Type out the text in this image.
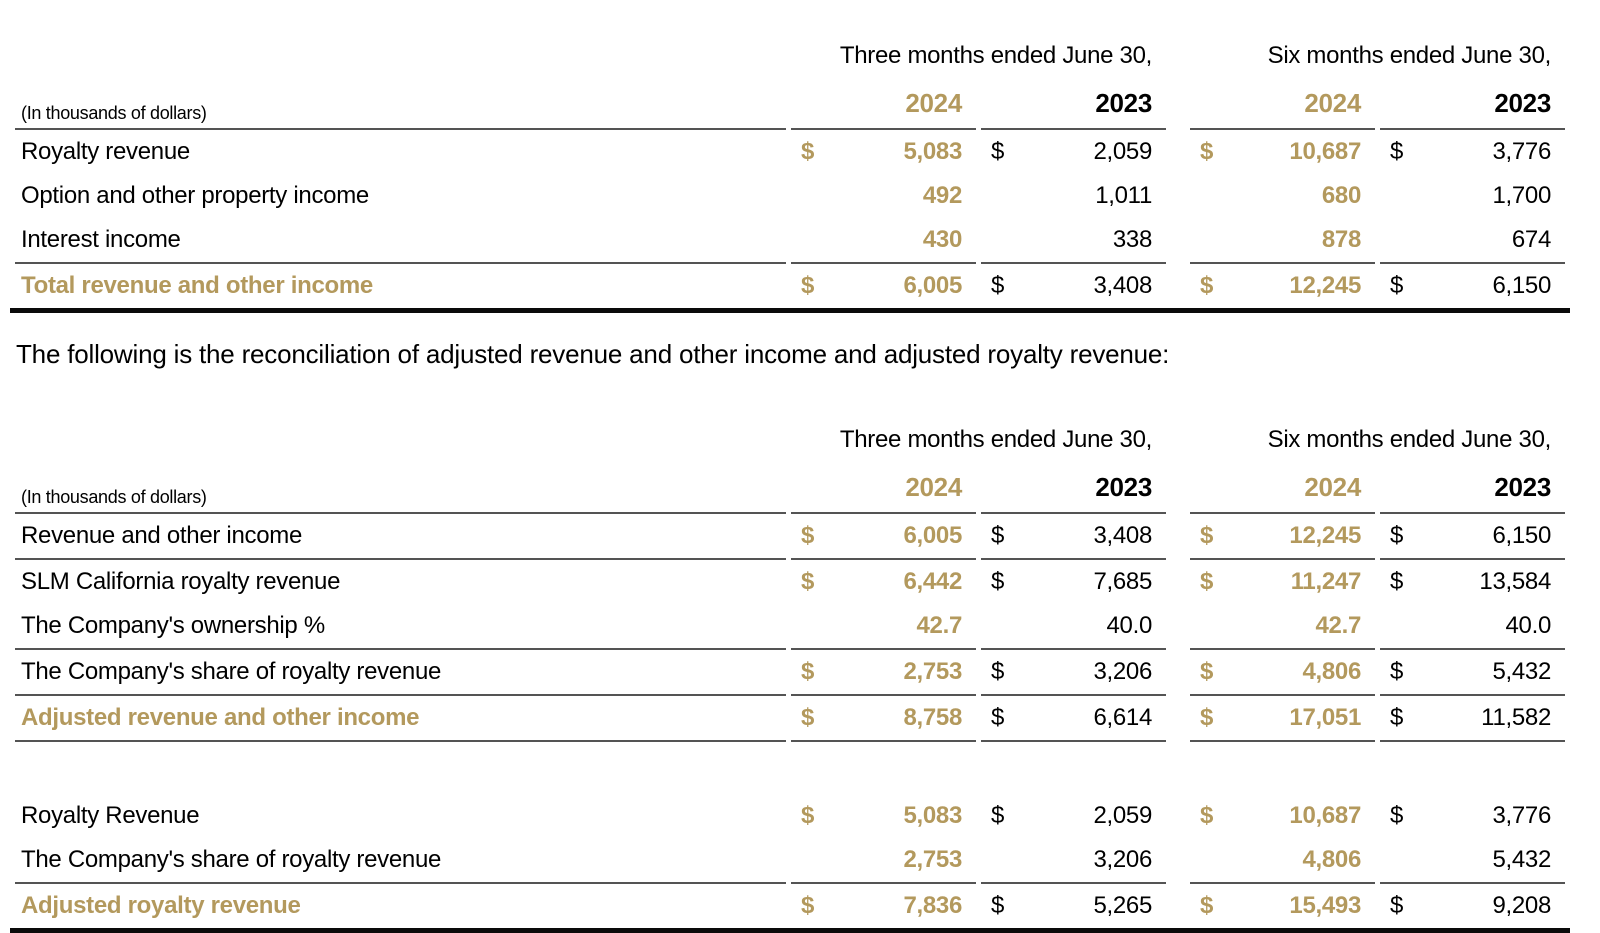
	Three months ended June 30,			Six months ended June 30,	
(In thousands of dollars)	2024	2023		2024	2023
Royalty revenue	$ 5,083	$ 2,059		$ 10,687	$ 3,776

Option and other property income	492	1,011		680	1,700

Interest income	430	338		878	674

Total revenue and other income	$ 6,005	$ 3,408		$ 12,245	$ 6,150

The following is the reconciliation of adjusted revenue and other income and adjusted royalty revenue:

	Three months ended June 30,			Six months ended June 30,	
(In thousands of dollars)	2024	2023		2024	2023
Revenue and other income	$ 6,005	$ 3,408		$ 12,245	$ 6,150

SLM California royalty revenue	$ 6,442	$ 7,685		$ 11,247	$ 13,584

The Company's ownership %	42.7	40.0		42.7	40.0

The Company's share of royalty revenue	$ 2,753	$ 3,206		$ 4,806	$ 5,432

Adjusted revenue and other income	$ 8,758	$ 6,614		$ 17,051	$ 11,582

Royalty Revenue	$ 5,083	$ 2,059		$ 10,687	$ 3,776

The Company's share of royalty revenue	2,753	3,206		4,806	5,432

Adjusted royalty revenue	$ 7,836	$ 5,265		$ 15,493	$ 9,208
